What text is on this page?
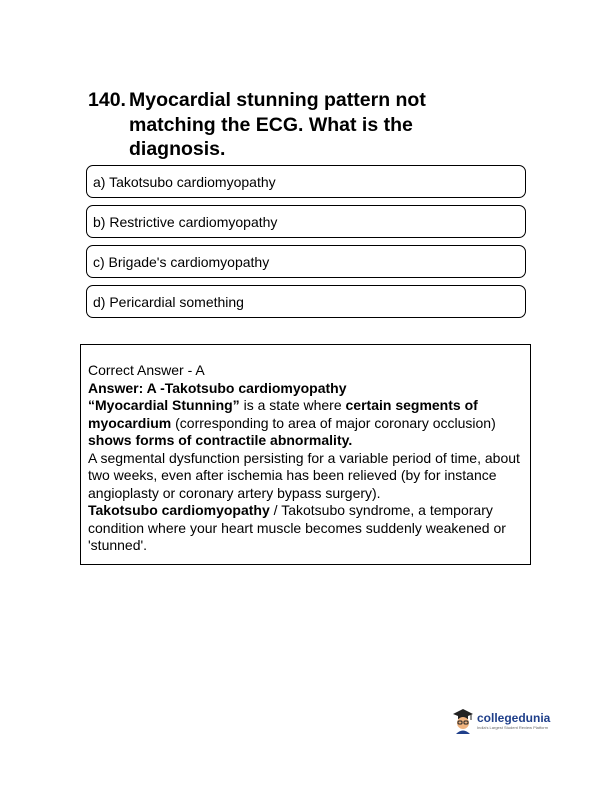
140. Myocardial stunning pattern not matching the ECG. What is the diagnosis.
a) Takotsubo cardiomyopathy
b) Restrictive cardiomyopathy
c) Brigade's cardiomyopathy
d) Pericardial something

Correct Answer - A

Answer: A -Takotsubo cardiomyopathy

“Myocardial Stunning” is a state where certain segments of myocardium (corresponding to area of major coronary occlusion) shows forms of contractile abnormality.

A segmental dysfunction persisting for a variable period of time, about two weeks, even after ischemia has been relieved (by for instance angioplasty or coronary artery bypass surgery).

Takotsubo cardiomyopathy / Takotsubo syndrome, a temporary condition where your heart muscle becomes suddenly weakened or 'stunned'.

collegedunia
India's Largest Student Review Platform
